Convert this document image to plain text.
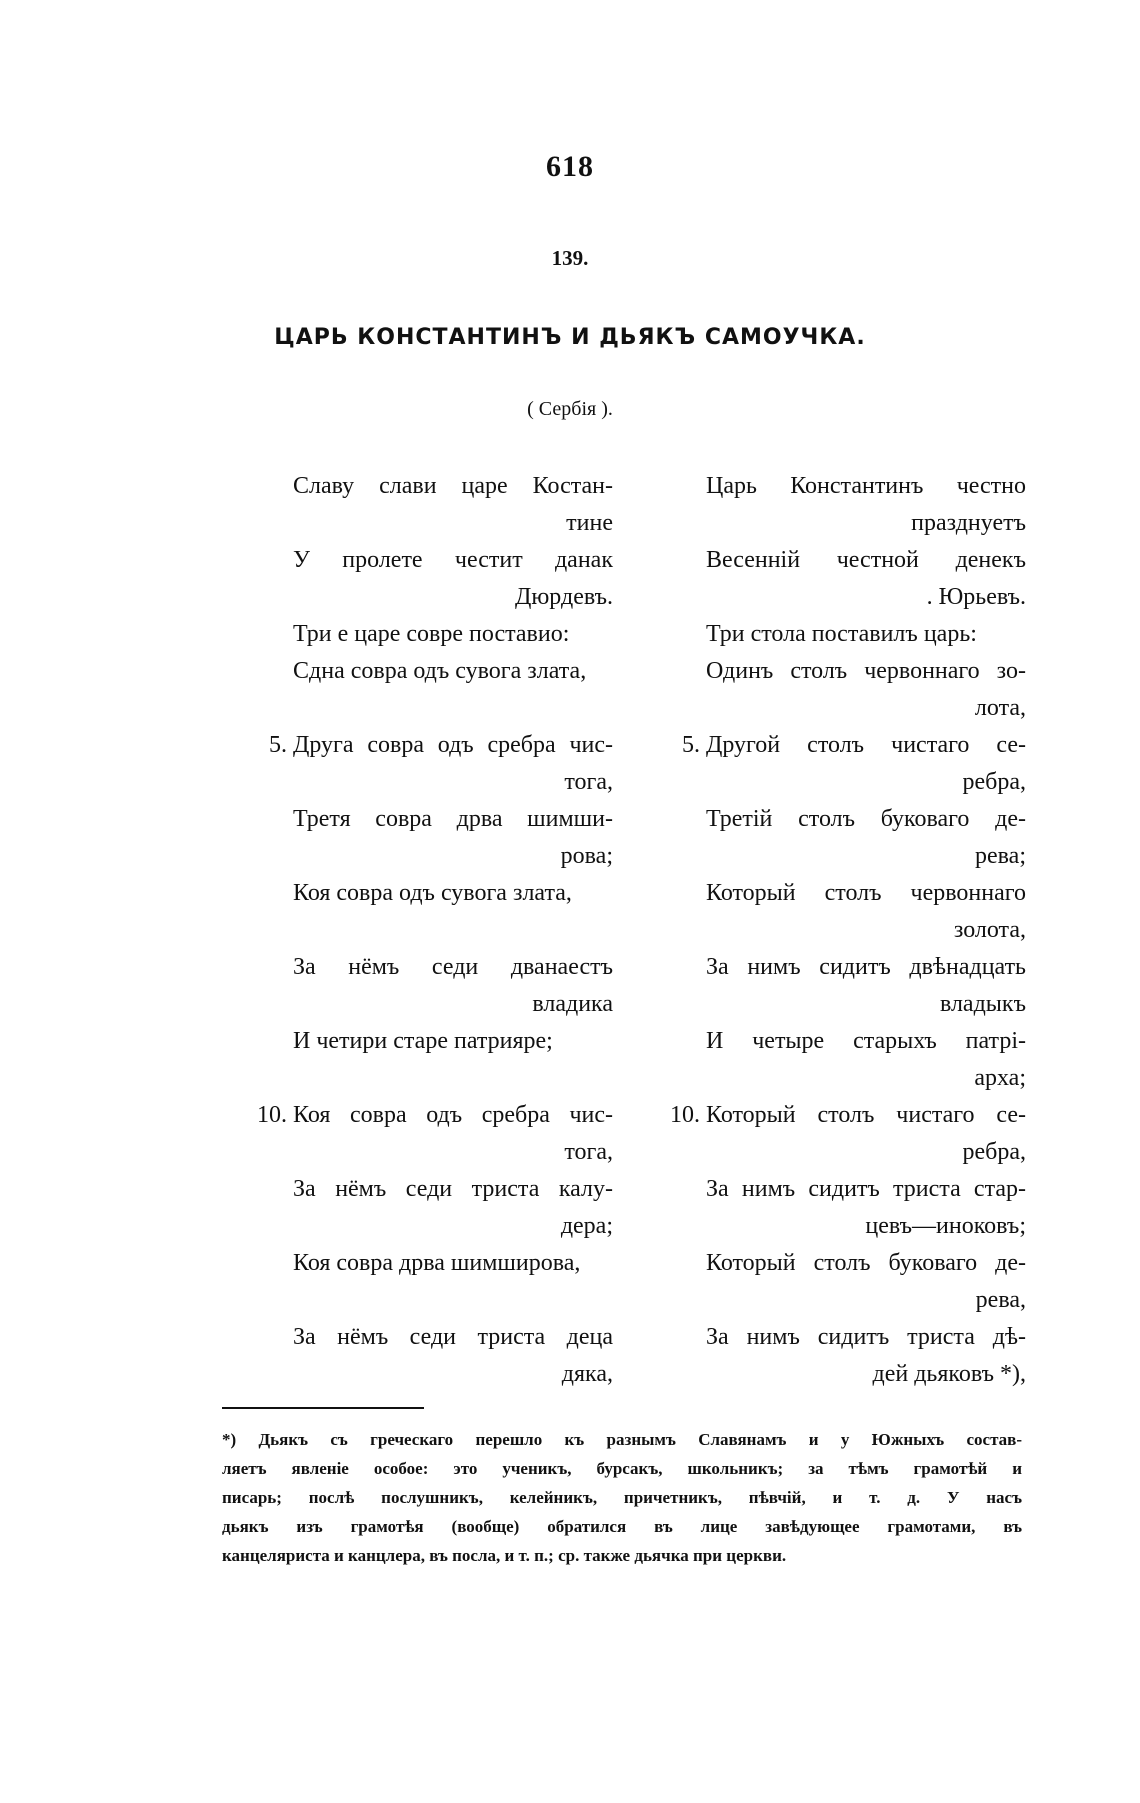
618
139.
ЦАРЬ КОНСТАНТИНЪ И ДЬЯКЪ САМОУЧКА.
( Сербія ).
Славу слави царе Костан-
тине
У пролете честит данак
Дюрдевъ.
Три е царе совре поставио:
Сдна совра одъ сувога злата,
5. Друга совра одъ сребра чис-
тога,
Третя совра дрва шимши-
рова;
Коя совра одъ сувога злата,
За нёмъ седи дванаестъ
владика
И четири старе патрияре;
10. Коя совра одъ сребра чис-
тога,
За нёмъ седи триста калу-
дера;
Коя совра дрва шимширова,
За нёмъ седи триста деца
дяка,
Царь Константинъ честно
празднуетъ
Весенній честной денекъ
. Юрьевъ.
Три стола поставилъ царь:
Одинъ столъ червоннаго зо-
лота,
5. Другой столъ чистаго се-
ребра,
Третій столъ буковаго де-
рева;
Который столъ червоннаго
золота,
За нимъ сидитъ двѣнадцать
владыкъ
И четыре старыхъ патрі-
арха;
10. Который столъ чистаго се-
ребра,
За нимъ сидитъ триста стар-
цевъ—иноковъ;
Который столъ буковаго де-
рева,
За нимъ сидитъ триста дѣ-
дей дьяковъ *),
*) Дьякъ съ греческаго перешло къ разнымъ Славянамъ и у Южныхъ состав-
ляетъ явленіе особое: это ученикъ, бурсакъ, школьникъ; за тѣмъ грамотѣй и
писарь; послѣ послушникъ, келейникъ, причетникъ, пѣвчій, и т. д. У насъ
дьякъ изъ грамотѣя (вообще) обратился въ лице завѣдующее грамотами, въ
канцеляриста и канцлера, въ посла, и т. п.; ср. также дьячка при церкви.
